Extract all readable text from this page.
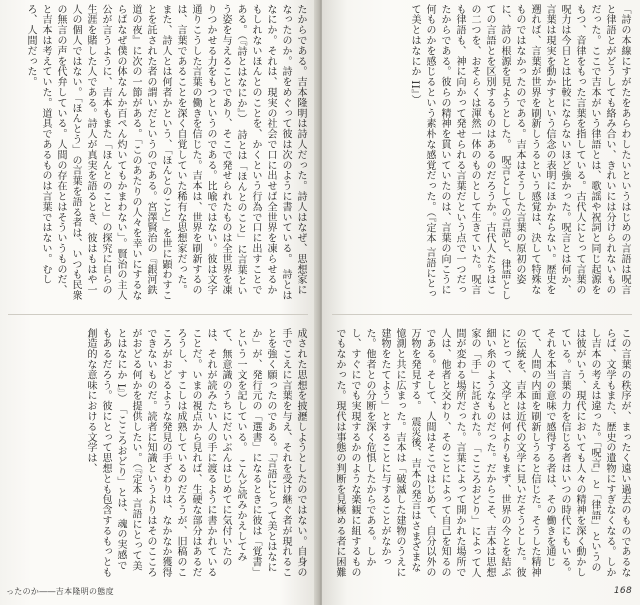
たからである。吉本隆明は詩人だった。詩人はなぜ、思想家になったのか。詩をめぐって彼は次のように書いている。　詩とはなにか。それは、現実の社会で口に出せば全世界を凍らせるかもしれないほんとのことを、かくという行為で口に出すことである。（『詩とはなにか』）　詩とは「ほんとのこと」に言葉という姿を与えることであり、そこで発せられたものは全世界を凍りつかせる力をもつというのである。比喩ではない。彼は文字通りこうした言葉の働きを信じた。吉本は、世界を刷新するのは、言葉であることを深く自覚していた稀有な思想家だった。　また、詩人とは何者かという、「ほんとのこと」を世に顕わすことを託された者の謂いだというのである。宮澤賢治の『銀河鉄道の夜』に次の一節がある。「このあたりの人々を幸いにするならばなぜ僕の体なんか百ぺん灼いてもかまわない」。賢治の主人公が言うように、吉本もまた「ほんとのこと」の探究に自らの生涯を賭した人である。詩人が真実を語るとき、彼はもはや一人の個人ではない。「ほんとう」の言葉を語る者は、いつも民衆の無言の声を代弁している。人間の存在とはそういうものだ、と吉本は考えていた。道具であるものは言葉ではない。むしろ、人間だった。
成された思想を披瀝しようとしたのではない。自身の手でこえに言葉を与え、それを受け継ぐ者が現れることを強く願ったのである。「言語にとって美とはなにか」が、発行元の「選書」になるときに彼は「覚書」という一文を記している。　こんど読みかえしてみて、無意識のうちにだいぶんはじめてに気付いたのは、それが読みたい人の手に渡るように書かれていることだ。いまの視点から見れば、生硬な部分はあるだろうし、すこしは成熟しているのだろうが、旧稿のこころがおどるような発見の手ざわりは、なかなか獲得できないものだ。読者に知識というよりはそのこころがおどる何かを提供したい。（『定本 言語にとって美とはなにか I』）　「こころおどり」とは、魂の実感でもあるだろう。彼にとって思想とも包含するもっとも創造的な意味における文学は、
ったのか――吉本隆明の態度
「詩の本線にすがたをあらわしたいというはじめの言語は呪言と律語とがどうしても絡み合い、きれいには分けられないものだった。ここで吉本がいう律語とは、歌謡や祝詞と同じ起源をもつ、音律をもった言葉を指している。古代人にとって言葉の呪力は今日とは比較にならないほど強かった。呪言とは何か、言葉は現実を動かすという信念の表明にほかならない。歴史を遡れば、言葉が世界を刷新しうるという感覚は、決して特殊なものではなかったのである。吉本はそうした言葉の原初の姿に、詩の根源を見ようとした。　呪言としての言語と、律語としての言語とを区別するものはあるのだろうか。古代人たちはこの二つを、おそらくは渾然一体のものとして生きていた。呪言も律語も、神に向かって発せられる言葉だという点で一つだったからである。彼らの精神を貫いていたのは、言葉の向こうに何ものかを感じるという素朴な感覚だった。（『定本 言語にとって美とはなにか II』）
この言葉の秩序が、まったく遠い過去のものであるならば、文学もまた、歴史の遺物にすぎなくなる。しかし吉本の考えは違った。「呪言」と「律語」というのは彼がいう、現代においても人々の精神を深く動かしている。言葉の力を信じる者はいつの時代にもいる。それを本当の意味で感得する者は、その働きを通じて、人間の内面を刷新しうると信じた。そうした精神の伝統を、吉本は近代の文学に見いだそうとした。彼にとって、文学とは何よりもまず、世界の今とを結ぶ細い糸のようなものだった。だからこそ、吉本は思想家の「手」に託された。　「こころおどり」によって人間が変わる場所だった。言葉によって開かれた場所で人は、他者と交わり、そのことによって自己を知るのである。そして、人間はそこではじめて、自分以外の万物を発見する。　震災後、吉本の発言はさまざまな憶測と共に広まった。吉本は「破滅した建物のうえに建物をたてよう」とすることに与することがなかった。他者との分断を深く危惧したからである。しかし、すぐにでも実現するかのような楽観に組するものでもなかった。現代は事態の判断を見極める者に困難
168
